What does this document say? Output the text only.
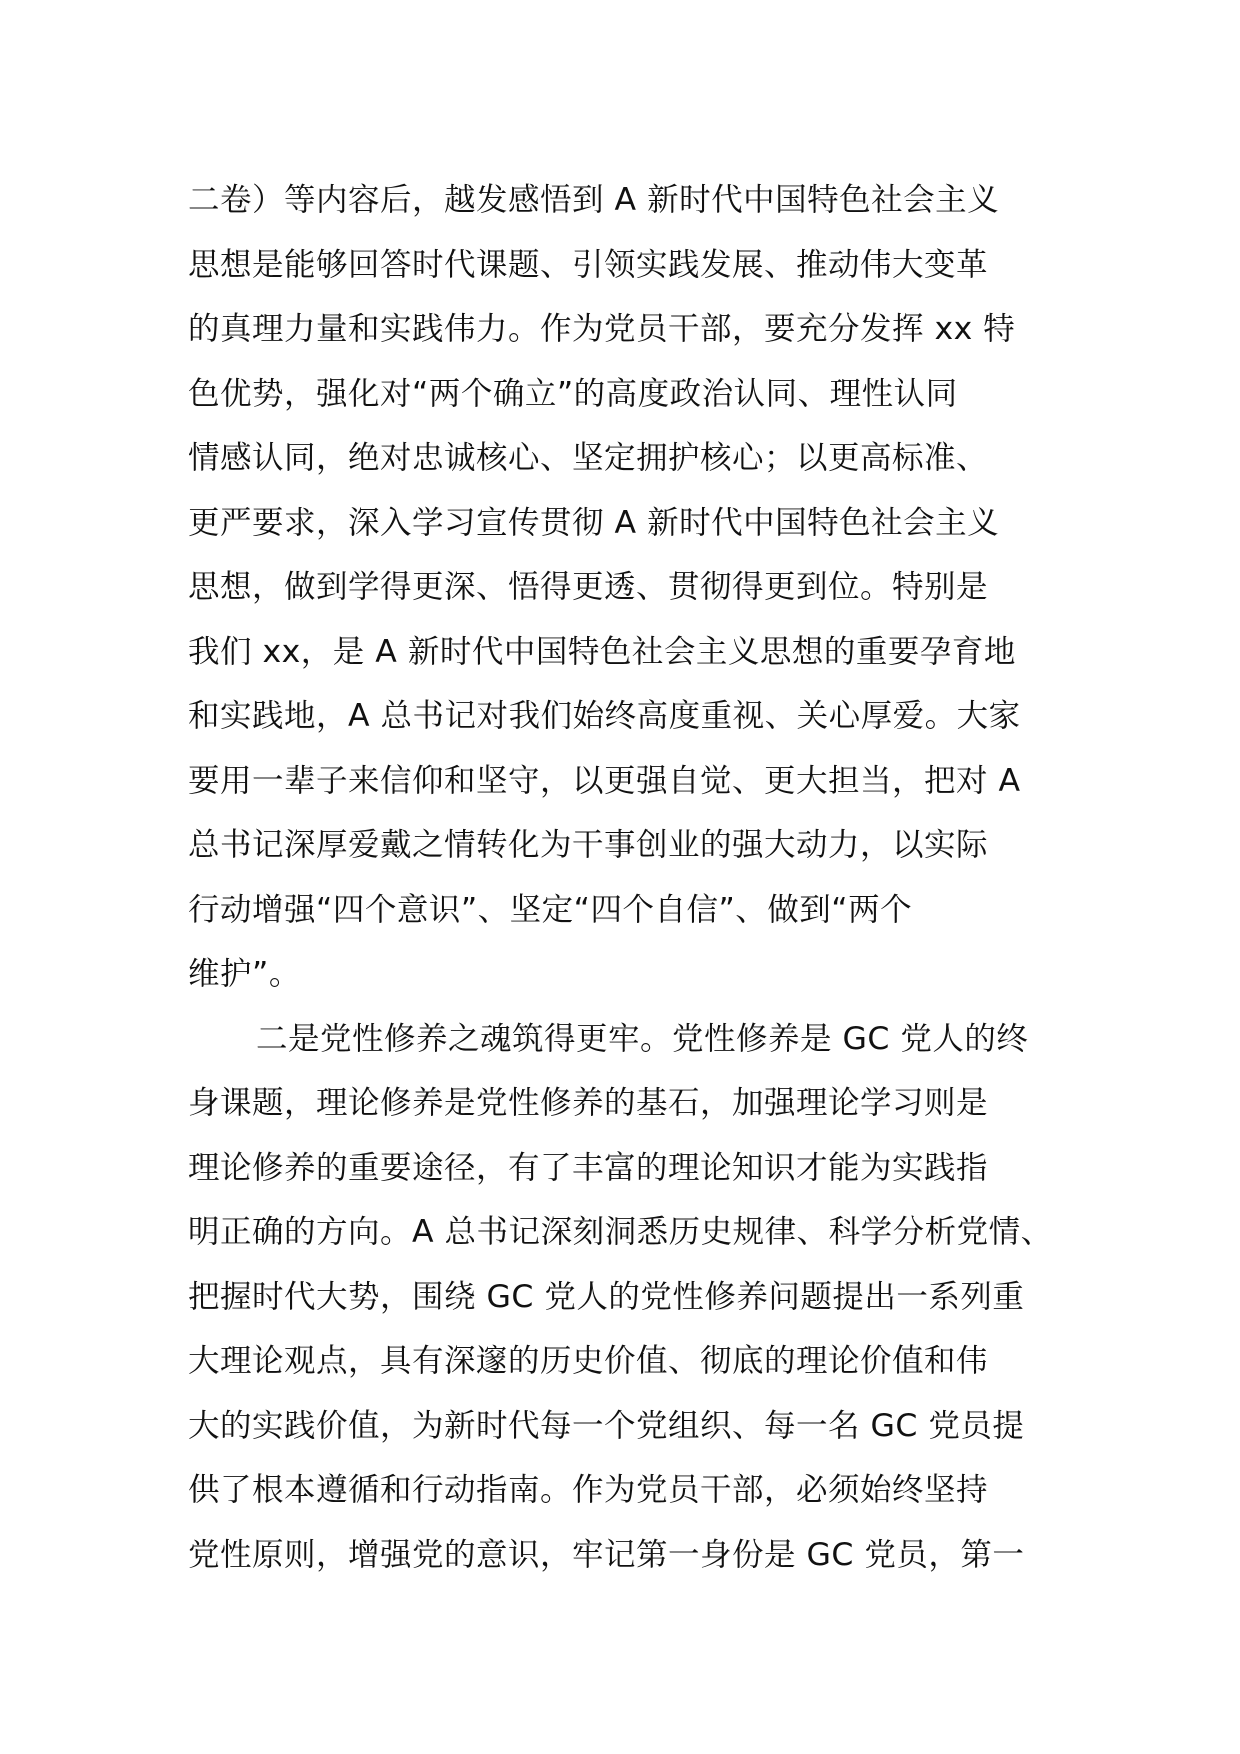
二卷）等内容后，越发感悟到 A 新时代中国特色社会主义
思想是能够回答时代课题、引领实践发展、推动伟大变革
的真理力量和实践伟力。作为党员干部，要充分发挥 xx 特
色优势，强化对“两个确立”的高度政治认同、理性认同
情感认同，绝对忠诚核心、坚定拥护核心；以更高标准、
更严要求，深入学习宣传贯彻 A 新时代中国特色社会主义
思想，做到学得更深、悟得更透、贯彻得更到位。特别是
我们 xx，是 A 新时代中国特色社会主义思想的重要孕育地
和实践地，A 总书记对我们始终高度重视、关心厚爱。大家
要用一辈子来信仰和坚守，以更强自觉、更大担当，把对 A
总书记深厚爱戴之情转化为干事创业的强大动力，以实际
行动增强“四个意识”、坚定“四个自信”、做到“两个
维护”。
二是党性修养之魂筑得更牢。党性修养是 GC 党人的终
身课题，理论修养是党性修养的基石，加强理论学习则是
理论修养的重要途径，有了丰富的理论知识才能为实践指
明正确的方向。A 总书记深刻洞悉历史规律、科学分析党情、
把握时代大势，围绕 GC 党人的党性修养问题提出一系列重
大理论观点，具有深邃的历史价值、彻底的理论价值和伟
大的实践价值，为新时代每一个党组织、每一名 GC 党员提
供了根本遵循和行动指南。作为党员干部，必须始终坚持
党性原则，增强党的意识，牢记第一身份是 GC 党员，第一
